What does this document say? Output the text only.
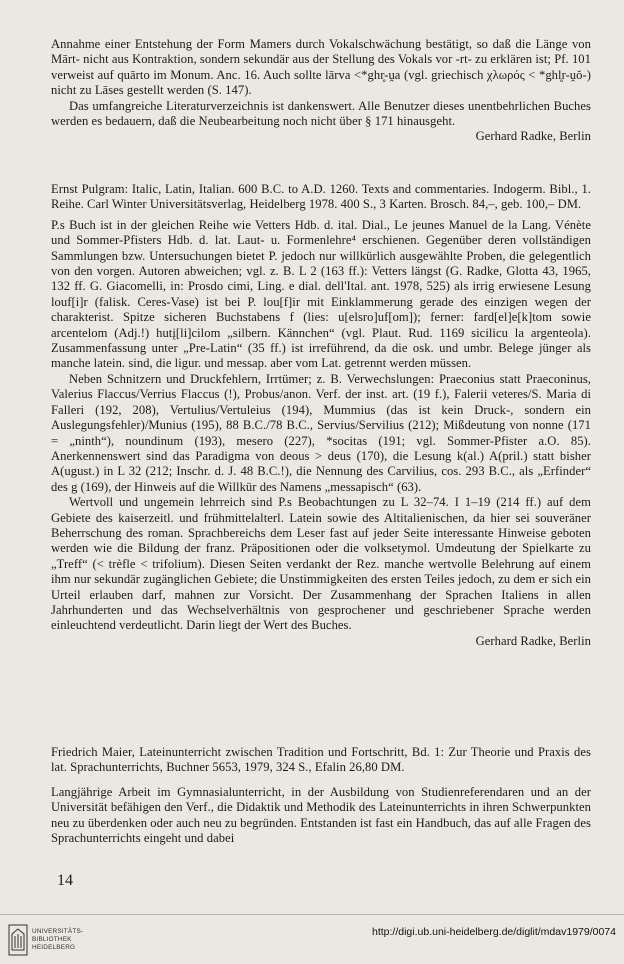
Annahme einer Entstehung der Form Mamers durch Vokalschwächung bestätigt, so daß die Länge von Mārt- nicht aus Kontraktion, sondern sekundär aus der Stellung des Vokals vor -rt- zu erklären ist; Pf. 101 verweist auf quārto im Monum. Anc. 16. Auch sollte lārva <*ghr̥-ṷa (vgl. griechisch χλωρός < *ghl̥r-ṷŏ-) nicht zu Lāses gestellt werden (S. 147).

Das umfangreiche Literaturverzeichnis ist dankenswert. Alle Benutzer dieses unentbehrlichen Buches werden es bedauern, daß die Neubearbeitung noch nicht über § 171 hinausgeht.

Gerhard Radke, Berlin

Ernst Pulgram: Italic, Latin, Italian. 600 B.C. to A.D. 1260. Texts and commentaries. Indogerm. Bibl., 1. Reihe. Carl Winter Universitätsverlag, Heidelberg 1978. 400 S., 3 Karten. Brosch. 84,–, geb. 100,– DM.

P.s Buch ist in der gleichen Reihe wie Vetters Hdb. d. ital. Dial., Le jeunes Manuel de la Lang. Vénète und Sommer-Pfisters Hdb. d. lat. Laut- u. Formenlehre⁴ erschienen. Gegenüber deren vollständigen Sammlungen bzw. Untersuchungen bietet P. jedoch nur willkürlich ausgewählte Proben, die gelegentlich von den vorgen. Autoren abweichen; vgl. z. B. L 2 (163 ff.): Vetters längst (G. Radke, Glotta 43, 1965, 132 ff. G. Giacomelli, in: Prosdo cimi, Ling. e dial. dell'Ital. ant. 1978, 525) als irrig erwiesene Lesung louf[i]r (falisk. Ceres-Vase) ist bei P. lou[f]ir mit Einklammerung gerade des einzigen wegen der charakterist. Spitze sicheren Buchstabens f (lies: u[elsro]uf[om]); ferner: fard[el]e[k]tom sowie arcentelom (Adj.!) hutį[li]cilom „silbern. Kännchen“ (vgl. Plaut. Rud. 1169 sicilicu la argenteola). Zusammenfassung unter „Pre-Latin“ (35 ff.) ist irreführend, da die osk. und umbr. Belege jünger als manche latein. sind, die ligur. und messap. aber vom Lat. getrennt werden müssen.

Neben Schnitzern und Druckfehlern, Irrtümer; z. B. Verwechslungen: Praeconius statt Praeconinus, Valerius Flaccus/Verrius Flaccus (!), Probus/anon. Verf. der inst. art. (19 f.), Falerii veteres/S. Maria di Falleri (192, 208), Vertulius/Vertuleius (194), Mummius (das ist kein Druck-, sondern ein Auslegungsfehler)/Munius (195), 88 B.C./78 B.C., Servius/Servilius (212); Mißdeutung von nonne (171 = „ninth“), noundinum (193), mesero (227), *socitas (191; vgl. Sommer-Pfister a.O. 85). Anerkennenswert sind das Paradigma von deous > deus (170), die Lesung k(al.) A(pril.) statt bisher A(ugust.) in L 32 (212; Inschr. d. J. 48 B.C.!), die Nennung des Carvilius, cos. 293 B.C., als „Erfinder“ des g (169), der Hinweis auf die Willkür des Namens „messapisch“ (63).

Wertvoll und ungemein lehrreich sind P.s Beobachtungen zu L 32–74. I 1–19 (214 ff.) auf dem Gebiete des kaiserzeitl. und frühmittelalterl. Latein sowie des Altitalienischen, da hier sei souveräner Beherrschung des roman. Sprachbereichs dem Leser fast auf jeder Seite interessante Hinweise geboten werden wie die Bildung der franz. Präpositionen oder die volksetymol. Umdeutung der Spielkarte zu „Treff“ (< trèfle < trifolium). Diesen Seiten verdankt der Rez. manche wertvolle Belehrung auf einem ihm nur sekundär zugänglichen Gebiete; die Unstimmigkeiten des ersten Teiles jedoch, zu dem er sich ein Urteil erlauben darf, mahnen zur Vorsicht. Der Zusammenhang der Sprachen Italiens in allen Jahrhunderten und das Wechselverhältnis von gesprochener und geschriebener Sprache werden einleuchtend verdeutlicht. Darin liegt der Wert des Buches.

Gerhard Radke, Berlin

Friedrich Maier, Lateinunterricht zwischen Tradition und Fortschritt, Bd. 1: Zur Theorie und Praxis des lat. Sprachunterrichts, Buchner 5653, 1979, 324 S., Efalin 26,80 DM.

Langjährige Arbeit im Gymnasialunterricht, in der Ausbildung von Studienreferendaren und an der Universität befähigen den Verf., die Didaktik und Methodik des Lateinunterrichts in ihren Schwerpunkten neu zu überdenken oder auch neu zu begründen. Entstanden ist fast ein Handbuch, das auf alle Fragen des Sprachunterrichts eingeht und dabei

14
UNIVERSITÄTS-
BIBLIOTHEK
HEIDELBERG
http://digi.ub.uni-heidelberg.de/diglit/mdav1979/0074
